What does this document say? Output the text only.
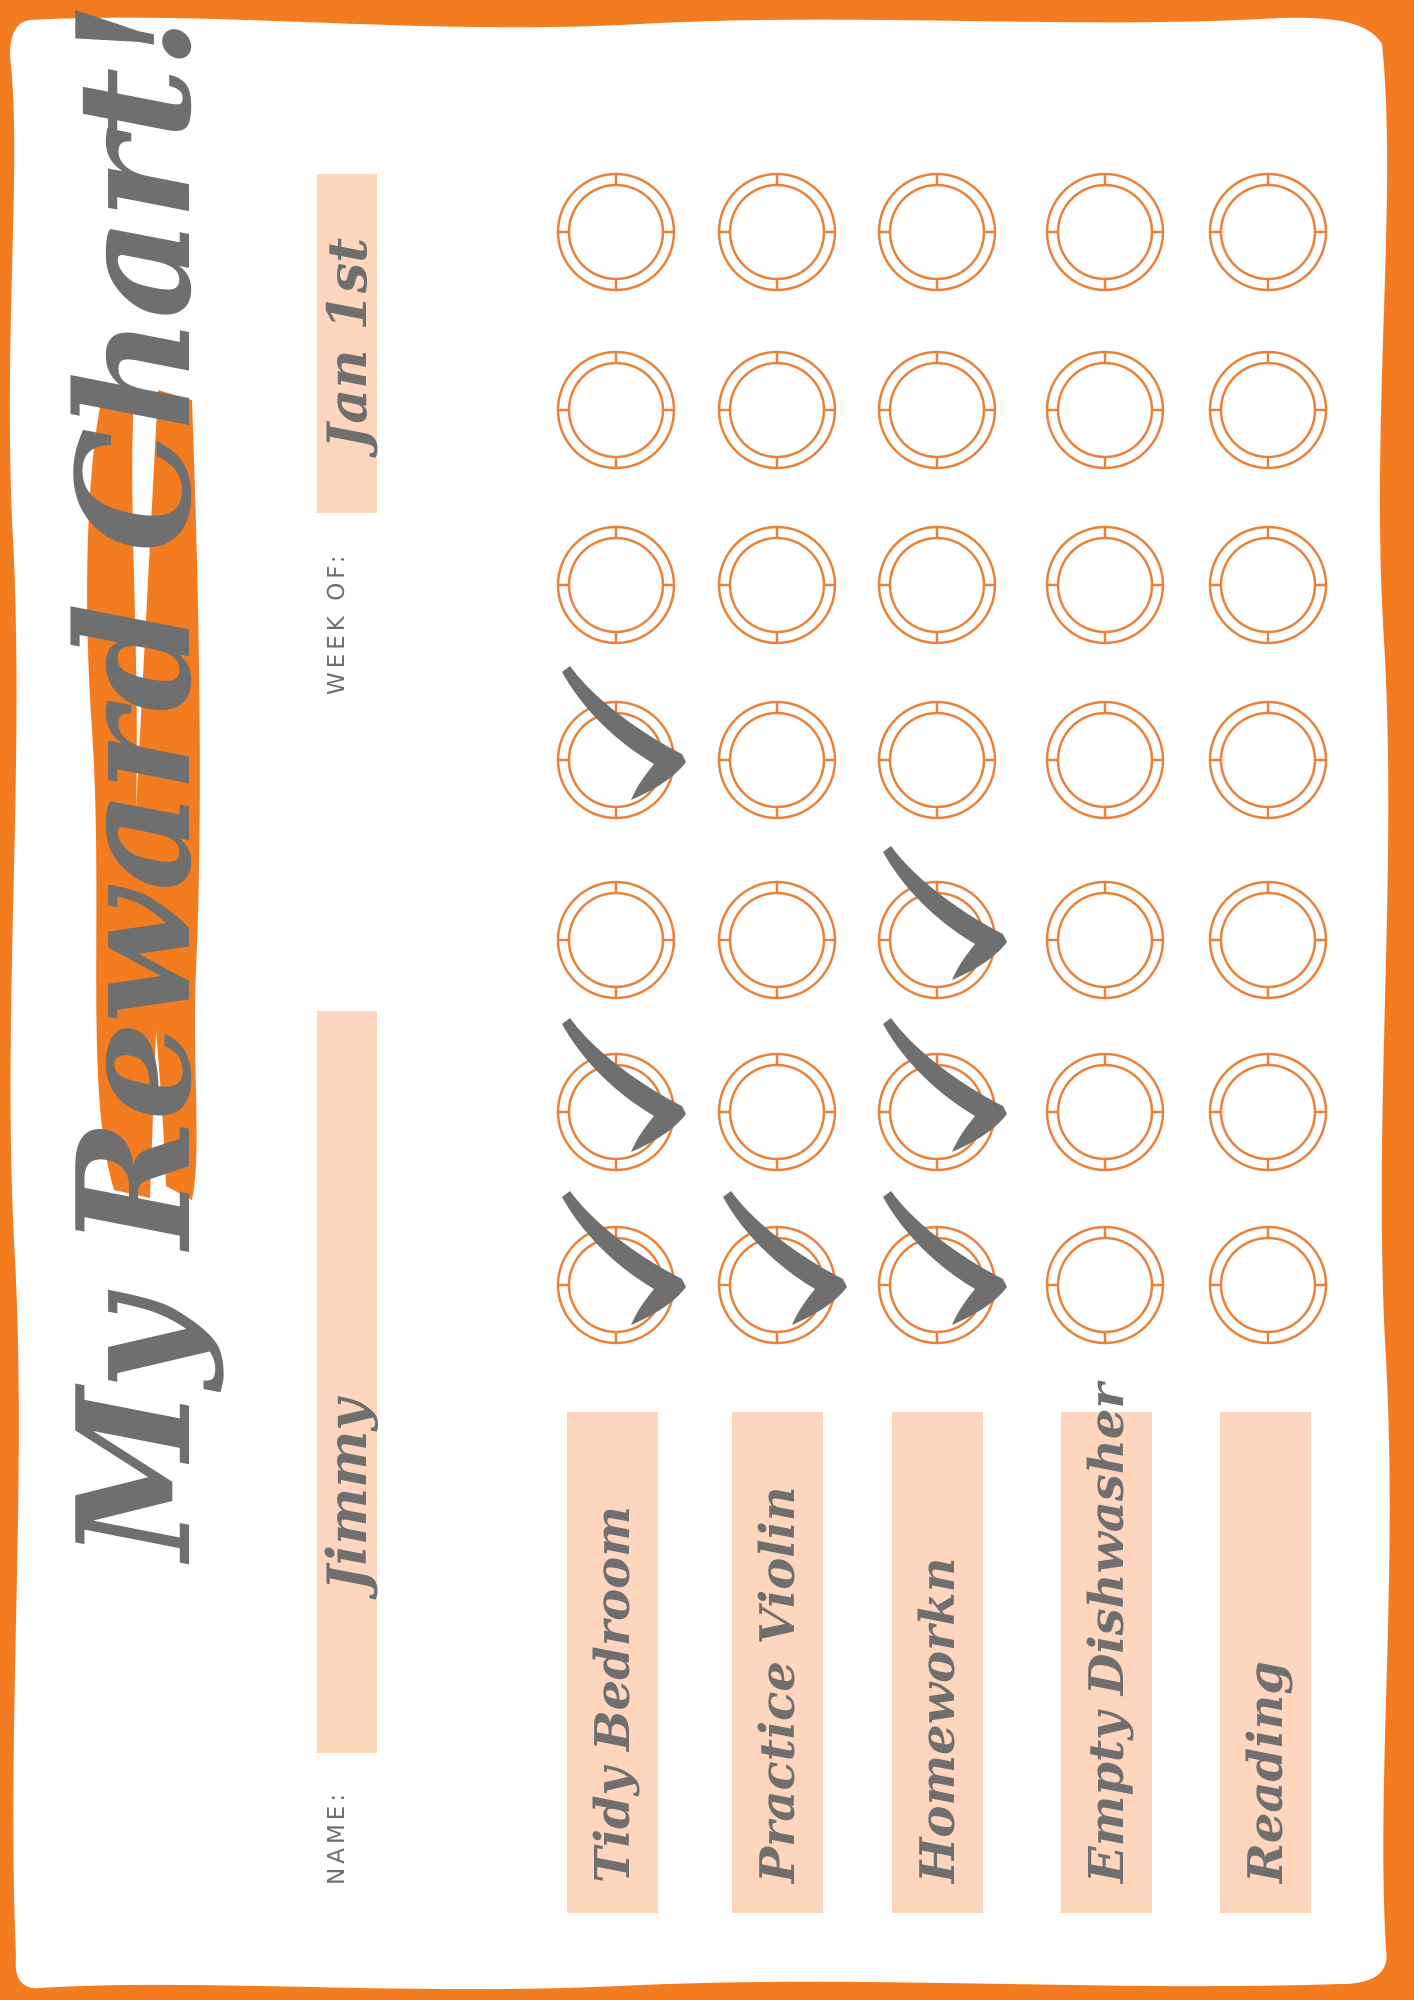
My Reward Chart!
NAME:
Jimmy
WEEK OF:
Jan 1st
Tidy Bedroom Practice Violin Homeworkn Empty Dishwasher Reading
